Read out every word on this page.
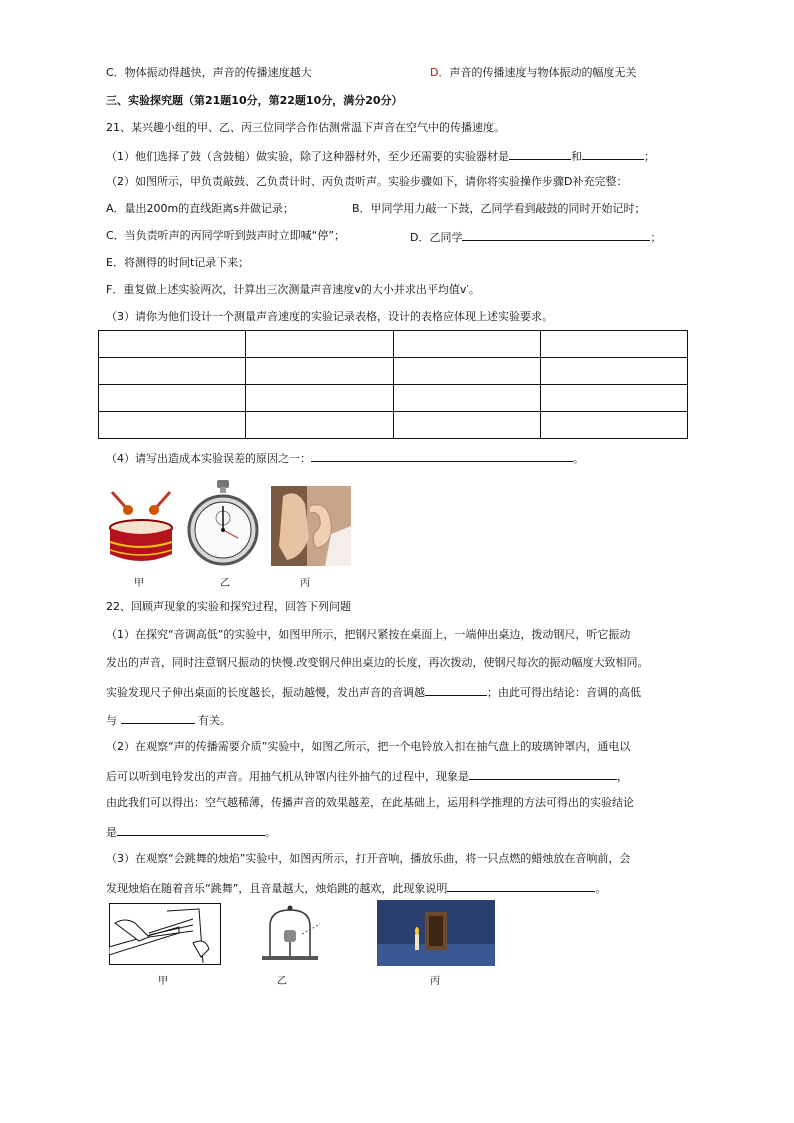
C．物体振动得越快，声音的传播速度越大	D．声音的传播速度与物体振动的幅度无关
三、实验探究题（第21题10分，第22题10分，满分20分）
21、某兴趣小组的甲、乙、丙三位同学合作估测常温下声音在空气中的传播速度。
（1）他们选择了鼓（含鼓槌）做实验，除了这种器材外，至少还需要的实验器材是	和	；
（2）如图所示，甲负责敲鼓、乙负责计时、丙负责听声。实验步骤如下，请你将实验操作步骤D补充完整：
A．量出200m的直线距离s并做记录；	B．甲同学用力敲一下鼓，乙同学看到敲鼓的同时开始记时；
C．当负责听声的丙同学听到鼓声时立即喊“停”；	D．乙同学	；
E．将测得的时间t记录下来；
F．重复做上述实验两次，计算出三次测量声音速度v的大小并求出平均值v′。
（3）请你为他们设计一个测量声音速度的实验记录表格，设计的表格应体现上述实验要求。

（4）请写出造成本实验误差的原因之一：	。
甲	乙	丙
22、回顾声现象的实验和探究过程，回答下列问题
（1）在探究“音调高低”的实验中，如图甲所示，把钢尺紧按在桌面上，一端伸出桌边，拨动钢尺，听它振动
发出的声音，同时注意钢尺振动的快慢.改变钢尺伸出桌边的长度，再次拨动，使钢尺每次的振动幅度大致相同。
实验发现尺子伸出桌面的长度越长，振动越慢，发出声音的音调越	；由此可得出结论：音调的高低
与	有关。
（2）在观察“声的传播需要介质”实验中，如图乙所示，把一个电铃放入扣在抽气盘上的玻璃钟罩内，通电以
后可以听到电铃发出的声音。用抽气机从钟罩内往外抽气的过程中，现象是	，
由此我们可以得出：空气越稀薄，传播声音的效果越差，在此基础上，运用科学推理的方法可得出的实验结论
是	。
（3）在观察“会跳舞的烛焰”实验中，如图丙所示，打开音响，播放乐曲，将一只点燃的蜡烛放在音响前，会
发现烛焰在随着音乐“跳舞”，且音量越大，烛焰跳的越欢，此现象说明	。
甲	乙	丙
